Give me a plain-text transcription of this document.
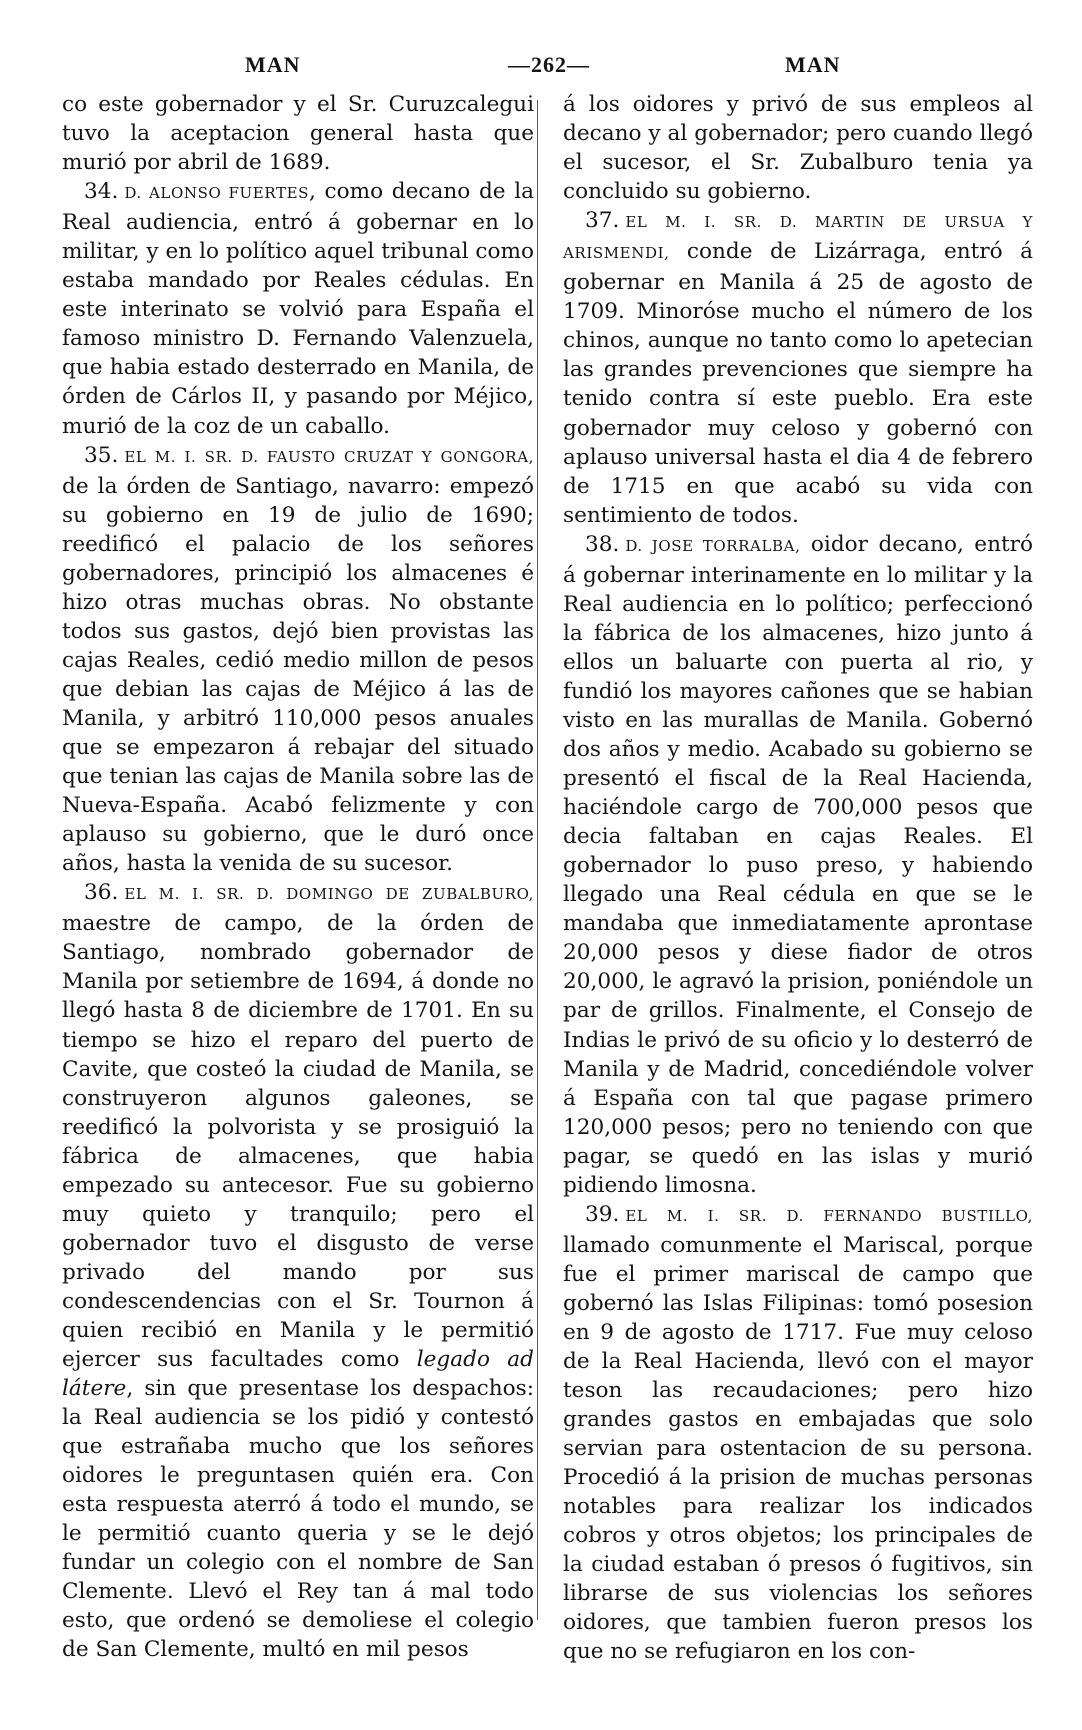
MAN	—262—	MAN

co este gobernador y el Sr. Curuzcalegui tuvo la aceptacion general hasta que murió por abril de 1689.

34. D. ALONSO FUERTES, como decano de la Real audiencia, entró á gobernar en lo militar, y en lo político aquel tribunal como estaba mandado por Reales cédulas. En este interinato se volvió para España el famoso ministro D. Fernando Valenzuela, que habia estado desterrado en Manila, de órden de Cárlos II, y pasando por Méjico, murió de la coz de un caballo.

35. EL M. I. SR. D. FAUSTO CRUZAT Y GONGORA, de la órden de Santiago, navarro: empezó su gobierno en 19 de julio de 1690; reedificó el palacio de los señores gobernadores, principió los almacenes é hizo otras muchas obras. No obstante todos sus gastos, dejó bien provistas las cajas Reales, cedió medio millon de pesos que debian las cajas de Méjico á las de Manila, y arbitró 110,000 pesos anuales que se empezaron á rebajar del situado que tenian las cajas de Manila sobre las de Nueva-España. Acabó felizmente y con aplauso su gobierno, que le duró once años, hasta la venida de su sucesor.

36. EL M. I. SR. D. DOMINGO DE ZUBALBURO, maestre de campo, de la órden de Santiago, nombrado gobernador de Manila por setiembre de 1694, á donde no llegó hasta 8 de diciembre de 1701. En su tiempo se hizo el reparo del puerto de Cavite, que costeó la ciudad de Manila, se construyeron algunos galeones, se reedificó la polvorista y se prosiguió la fábrica de almacenes, que habia empezado su antecesor. Fue su gobierno muy quieto y tranquilo; pero el gobernador tuvo el disgusto de verse privado del mando por sus condescendencias con el Sr. Tournon á quien recibió en Manila y le permitió ejercer sus facultades como legado ad látere, sin que presentase los despachos: la Real audiencia se los pidió y contestó que estrañaba mucho que los señores oidores le preguntasen quién era. Con esta respuesta aterró á todo el mundo, se le permitió cuanto queria y se le dejó fundar un colegio con el nombre de San Clemente. Llevó el Rey tan á mal todo esto, que ordenó se demoliese el colegio de San Clemente, multó en mil pesos

á los oidores y privó de sus empleos al decano y al gobernador; pero cuando llegó el sucesor, el Sr. Zubalburo tenia ya concluido su gobierno.

37. EL M. I. SR. D. MARTIN DE URSUA Y ARISMENDI, conde de Lizárraga, entró á gobernar en Manila á 25 de agosto de 1709. Minoróse mucho el número de los chinos, aunque no tanto como lo apetecian las grandes prevenciones que siempre ha tenido contra sí este pueblo. Era este gobernador muy celoso y gobernó con aplauso universal hasta el dia 4 de febrero de 1715 en que acabó su vida con sentimiento de todos.

38. D. JOSE TORRALBA, oidor decano, entró á gobernar interinamente en lo militar y la Real audiencia en lo político; perfeccionó la fábrica de los almacenes, hizo junto á ellos un baluarte con puerta al rio, y fundió los mayores cañones que se habian visto en las murallas de Manila. Gobernó dos años y medio. Acabado su gobierno se presentó el fiscal de la Real Hacienda, haciéndole cargo de 700,000 pesos que decia faltaban en cajas Reales. El gobernador lo puso preso, y habiendo llegado una Real cédula en que se le mandaba que inmediatamente aprontase 20,000 pesos y diese fiador de otros 20,000, le agravó la prision, poniéndole un par de grillos. Finalmente, el Consejo de Indias le privó de su oficio y lo desterró de Manila y de Madrid, concediéndole volver á España con tal que pagase primero 120,000 pesos; pero no teniendo con que pagar, se quedó en las islas y murió pidiendo limosna.

39. EL M. I. SR. D. FERNANDO BUSTILLO, llamado comunmente el Mariscal, porque fue el primer mariscal de campo que gobernó las Islas Filipinas: tomó posesion en 9 de agosto de 1717. Fue muy celoso de la Real Hacienda, llevó con el mayor teson las recaudaciones; pero hizo grandes gastos en embajadas que solo servian para ostentacion de su persona. Procedió á la prision de muchas personas notables para realizar los indicados cobros y otros objetos; los principales de la ciudad estaban ó presos ó fugitivos, sin librarse de sus violencias los señores oidores, que tambien fueron presos los que no se refugiaron en los con-
